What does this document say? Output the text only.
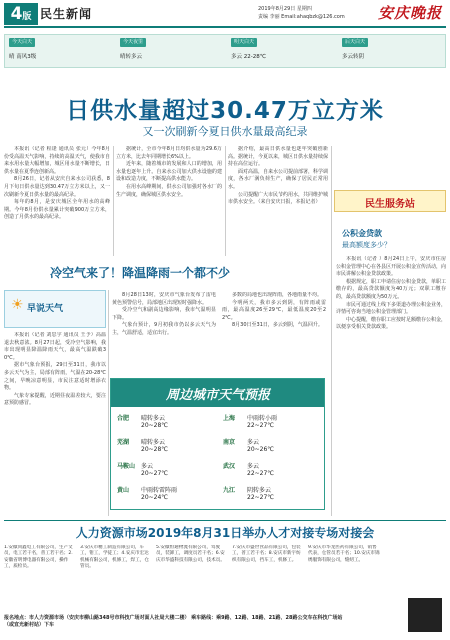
4版 民生新闻	2019年8月29日 星期四
责编 李丽 Email:ahaqbzk@126.com 安庆晚报
今天白天
晴 南风3级
今天夜里
晴转多云
明天白天
多云 22-28℃
后天白天
多云转阴
日供水量超过30.47万立方米
又一次刷新今夏日供水量最高纪录

本报讯（记者 程逢 通讯员 张元）今年8月份受高温天气影响，持续的高温天气，使我市自来水用水量大幅增加，城区用水量不断增长，日供水量在夏季连创新高。

8月26日，记者从安庆自来水公司获悉，8月下旬日供水量达到30.47万立方米以上，又一次刷新今夏日供水量的最高纪录。

每年的8月，是安庆城区全年用水的高峰期。今年8月份供水量累计突破900万立方米，创造了月供水的最高纪录。

据统计，全市今年8月日均供水量为29.6万立方米，比去年同期增长6%以上。

近年来，随着城市的发展和人口的增加，用水量也逐年上升。自来水公司加大供水设施的建设和改造力度，不断提高供水能力。

在用水高峰期间，供水公司加强对各水厂的生产调度，确保城区供水安全。

据介绍，最高日供水量也逐年突破创新高。据统计，今夏以来，城区日供水量持续保持在高位运行。

面对高温，自来水公司提前部署，科学调度，各水厂满负荷生产，确保了居民正常用水。

公司提醒广大市民节约用水，共同维护城市供水安全。（来自安庆日报，本报记者）	民生服务站
公积金贷款
最高额度多少？

本报讯（记者 ）8月24日上午，安庆市住房公积金管理中心在各县区开展公积金宣传活动，向市民讲解公积金贷款政策。

根据规定，职工申请住房公积金贷款，单职工缴存的，最高贷款额度为40万元；双职工缴存的，最高贷款额度为50万元。

市民可通过线上线下多渠道办理公积金业务，详情可咨询当地公积金管理部门。

中心提醒，缴存职工应按时足额缴存公积金，以便享受相关贷款政策。

冷空气来了！降温降雨一个都不少
☀ 早说天气

本报讯（记者 刘思宇 通讯员 王予）高温退去秋意浓。8月27日起，受冷空气影响，我市出现明显降温降雨天气，最高气温跌破30℃。

据市气象台预报，29日至31日，我市以多云天气为主，局部有阵雨，气温在20-28℃之间，早晚凉意明显，市民注意适时增添衣物。

气象专家提醒，近期昼夜温差较大，要注意预防感冒。

8月28日13时，安庆市气象台发布了雷电黄色预警信号，局部地区出现短时强降水。

受冷空气和副高边缘影响，我市气温明显下降。

气象台预计，9月初我市仍以多云天气为主，气温舒适，适宜出行。

多数的局地也出现阵雨，各地雨量不均。

今明两天，我市多云到阴，有阵雨或雷雨，最高温度26至29℃，最低温度20至22℃。

8月30日至31日，多云到阴，气温回升。

周边城市天气预报
合肥 晴转多云
20~28℃
上海 中雨转小雨
22~27℃
芜湖 晴转多云
20~28℃
南京 多云
20~26℃
马鞍山 多云
20~27℃
武汉 多云
22~27℃
黄山 中雨转雷阵雨
20~24℃
九江 阴转多云
22~27℃
人力资源市场2019年8月31日举办人才对接专场对接会
1.安徽同鑫电工有限公司，生产文员，电工若干名，普工若干名；2.安徽省明博电器有限公司，操作工，质检员。
3.安庆市精工制造有限公司，车工，钳工，学徒工；4.安庆市宏达机械有限公司，机修工，焊工，仓管员。
5.安徽恒通物流有限公司，驾驶员，装卸工，调度员若干名；6.安庆市华盛科技有限公司，技术员。
7.安庆市盛世食品有限公司，包装工，普工若干名；8.安庆市新宇纺织有限公司，挡车工，机修工。
9.安庆市华龙医药有限公司，销售代表，仓管员若干名；10.安庆市锦绣服饰有限公司，缝纫工。
报名地点：市人力资源市场（安庆市柳山路348号市科技广场对面人社局大楼二楼） 乘车路线：乘9路、12路、18路、21路、28路公交车在科技广场站（或宜光新村站）下车
